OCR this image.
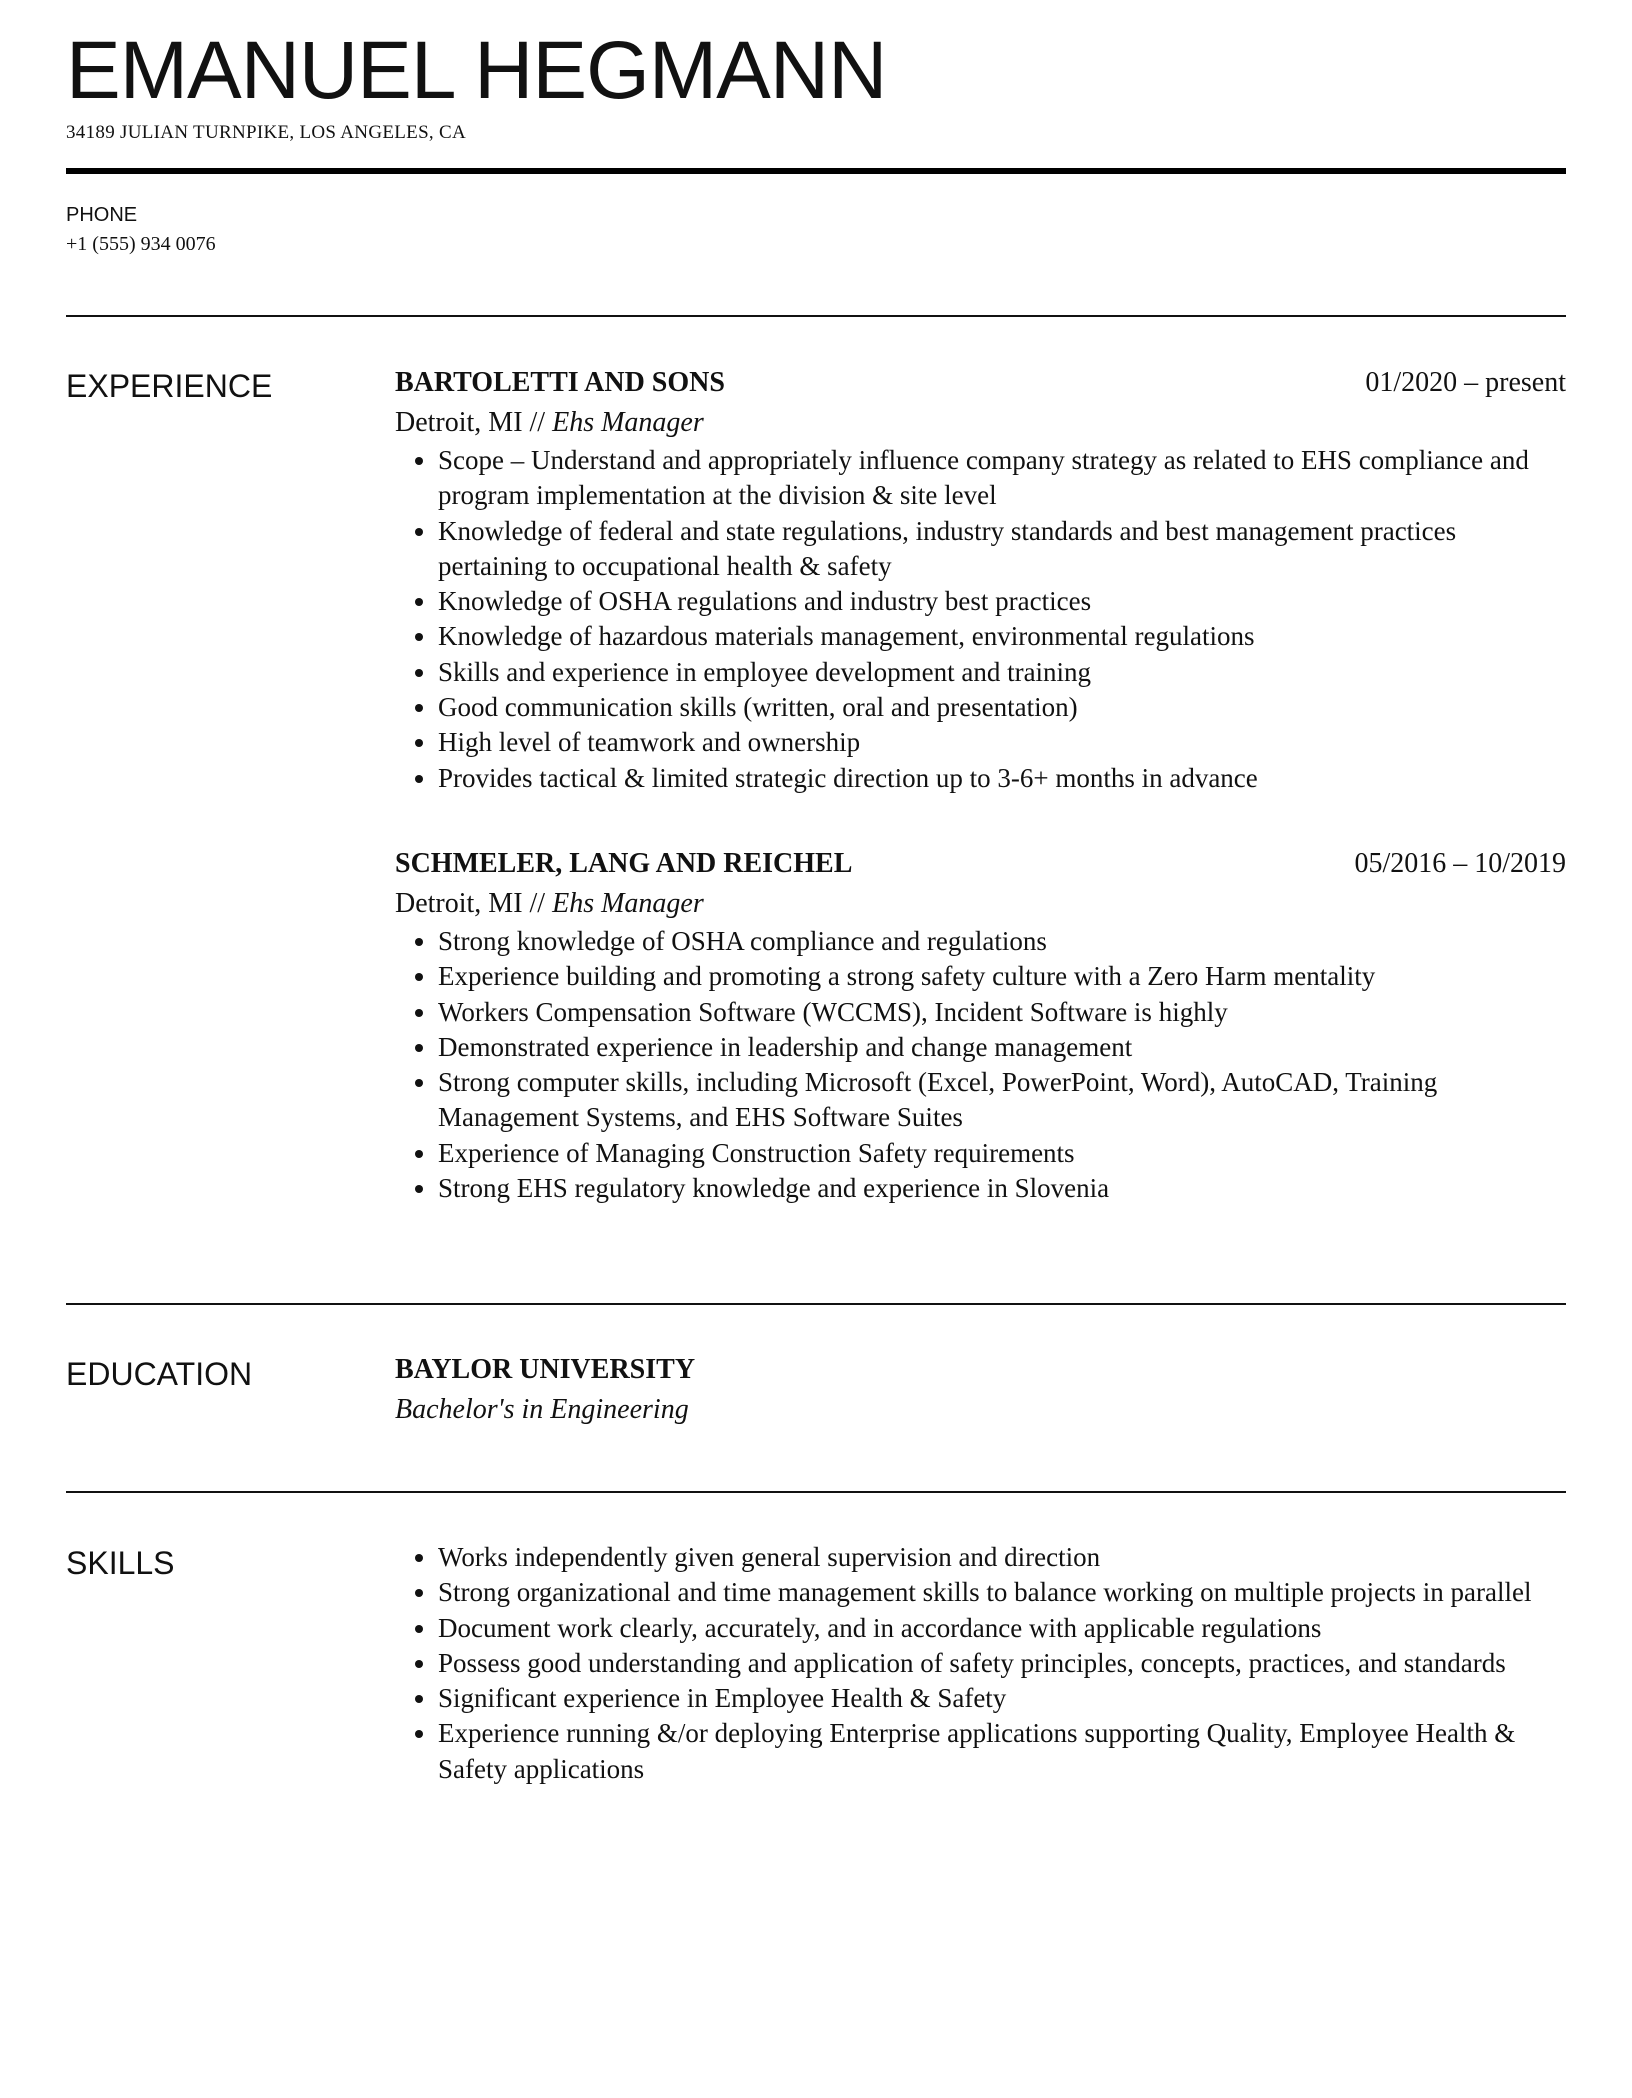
EMANUEL HEGMANN
34189 JULIAN TURNPIKE, LOS ANGELES, CA
PHONE
+1 (555) 934 0076
EXPERIENCE	BARTOLETTI AND SONS	01/2020 – present
Detroit, MI // Ehs Manager
• Scope – Understand and appropriately influence company strategy as related to EHS compliance and program implementation at the division & site level
• Knowledge of federal and state regulations, industry standards and best management practices pertaining to occupational health & safety
• Knowledge of OSHA regulations and industry best practices
• Knowledge of hazardous materials management, environmental regulations
• Skills and experience in employee development and training
• Good communication skills (written, oral and presentation)
• High level of teamwork and ownership
• Provides tactical & limited strategic direction up to 3-6+ months in advance
SCHMELER, LANG AND REICHEL	05/2016 – 10/2019
Detroit, MI // Ehs Manager
• Strong knowledge of OSHA compliance and regulations
• Experience building and promoting a strong safety culture with a Zero Harm mentality
• Workers Compensation Software (WCCMS), Incident Software is highly
• Demonstrated experience in leadership and change management
• Strong computer skills, including Microsoft (Excel, PowerPoint, Word), AutoCAD, Training Management Systems, and EHS Software Suites
• Experience of Managing Construction Safety requirements
• Strong EHS regulatory knowledge and experience in Slovenia
EDUCATION	BAYLOR UNIVERSITY
Bachelor's in Engineering
SKILLS	• Works independently given general supervision and direction
• Strong organizational and time management skills to balance working on multiple projects in parallel
• Document work clearly, accurately, and in accordance with applicable regulations
• Possess good understanding and application of safety principles, concepts, practices, and standards
• Significant experience in Employee Health & Safety
• Experience running &/or deploying Enterprise applications supporting Quality, Employee Health & Safety applications
